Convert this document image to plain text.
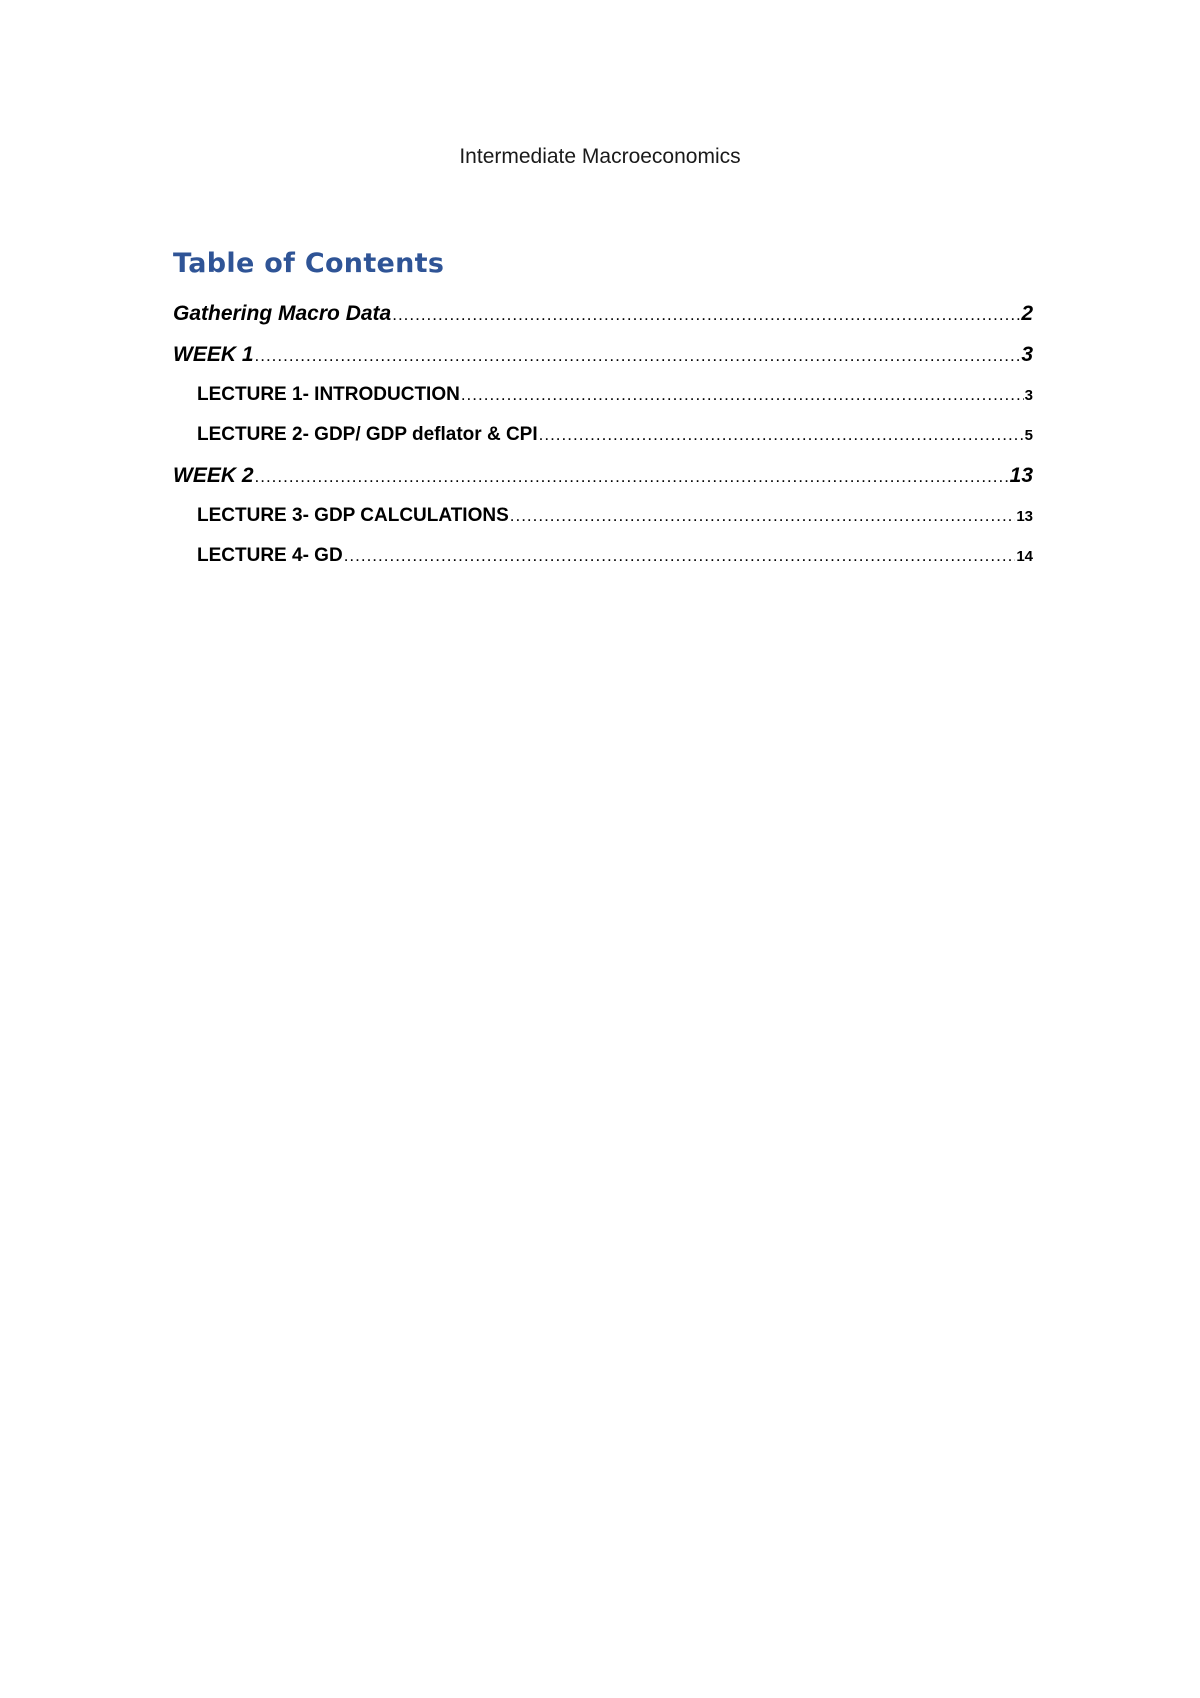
Intermediate Macroeconomics
Table of Contents
Gathering Macro Data .....	2
WEEK 1 .....	3
LECTURE 1- INTRODUCTION .....	3
LECTURE 2- GDP/ GDP deflator & CPI .....	5
WEEK 2 .....	13
LECTURE 3- GDP CALCULATIONS .....	13
LECTURE 4- GD .....	14
